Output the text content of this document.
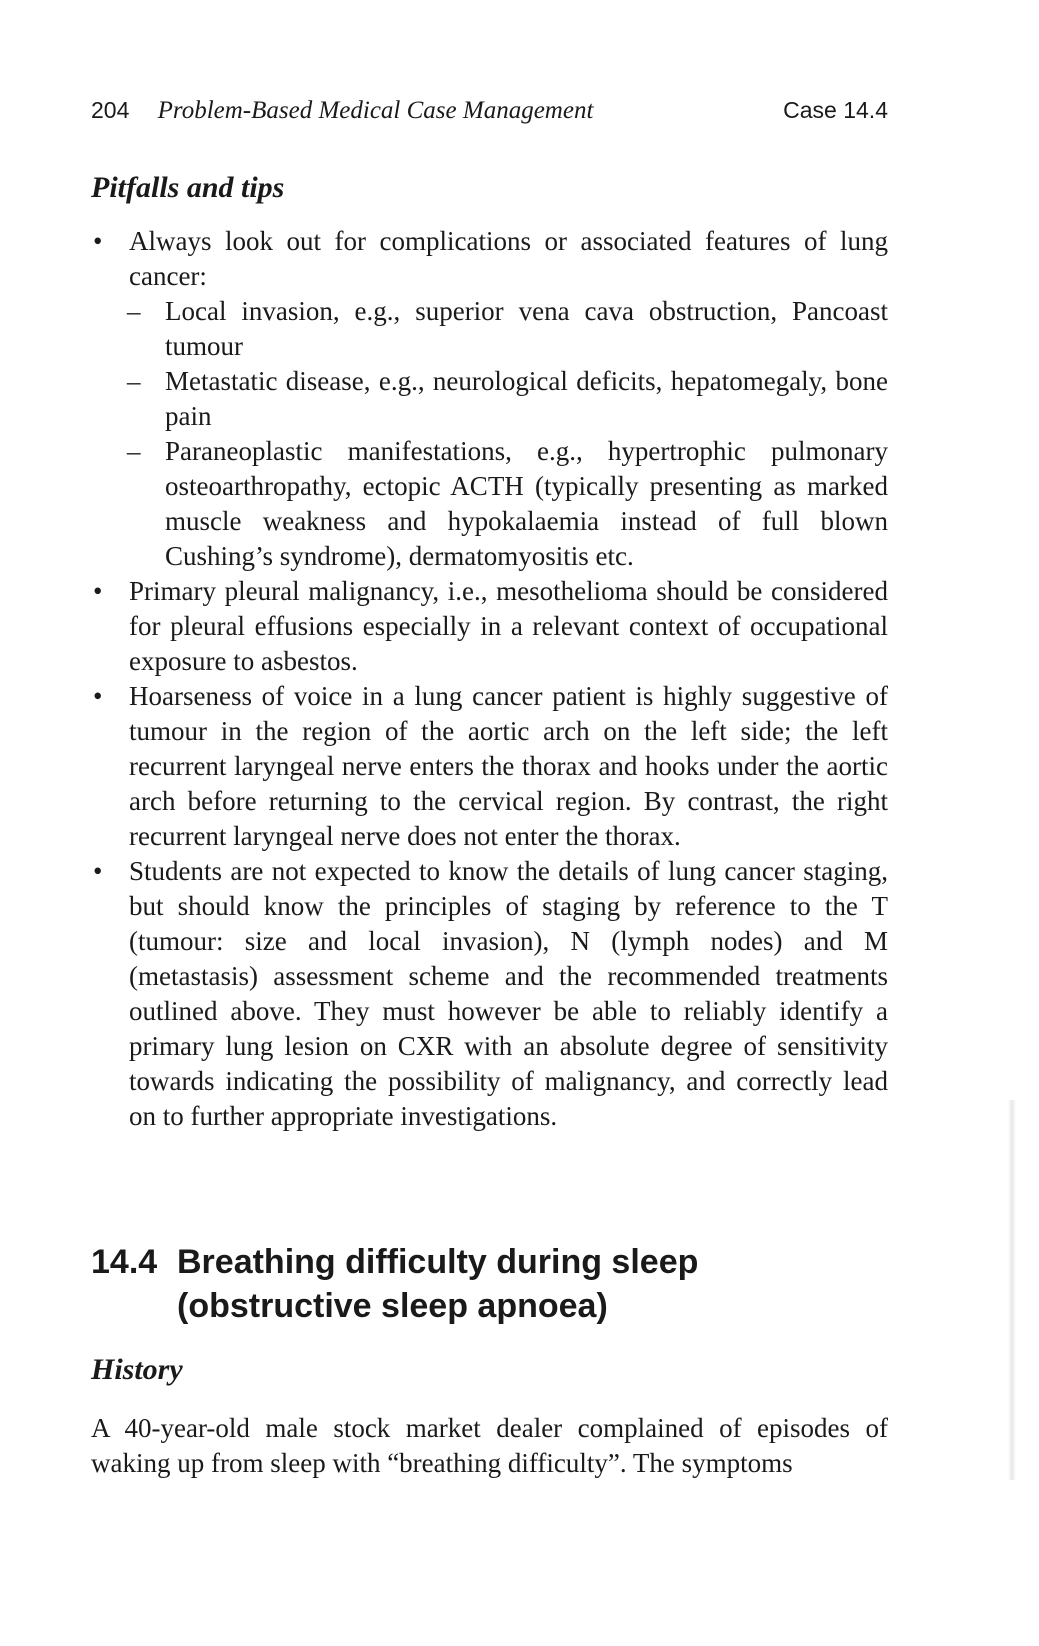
204 Problem-Based Medical Case Management	Case 14.4
Pitfalls and tips
• Always look out for complications or associated features of lung cancer:
– Local invasion, e.g., superior vena cava obstruction, Pancoast tumour
– Metastatic disease, e.g., neurological deficits, hepatomegaly, bone pain
– Paraneoplastic manifestations, e.g., hypertrophic pulmonary osteoarthropathy, ectopic ACTH (typically presenting as marked muscle weakness and hypokalaemia instead of full blown Cushing’s syndrome), dermatomyositis etc.
• Primary pleural malignancy, i.e., mesothelioma should be considered for pleural effusions especially in a relevant context of occupational exposure to asbestos.
• Hoarseness of voice in a lung cancer patient is highly suggestive of tumour in the region of the aortic arch on the left side; the left recurrent laryngeal nerve enters the thorax and hooks under the aortic arch before returning to the cervical region. By contrast, the right recurrent laryngeal nerve does not enter the thorax.
• Students are not expected to know the details of lung cancer staging, but should know the principles of staging by reference to the T (tumour: size and local invasion), N (lymph nodes) and M (metastasis) assessment scheme and the recommended treatments outlined above. They must however be able to reliably identify a primary lung lesion on CXR with an absolute degree of sensitivity towards indicating the possibility of malignancy, and correctly lead on to further appropriate investigations.
14.4 Breathing difficulty during sleep (obstructive sleep apnoea)
History

A 40-year-old male stock market dealer complained of episodes of waking up from sleep with “breathing difficulty”. The symptoms
